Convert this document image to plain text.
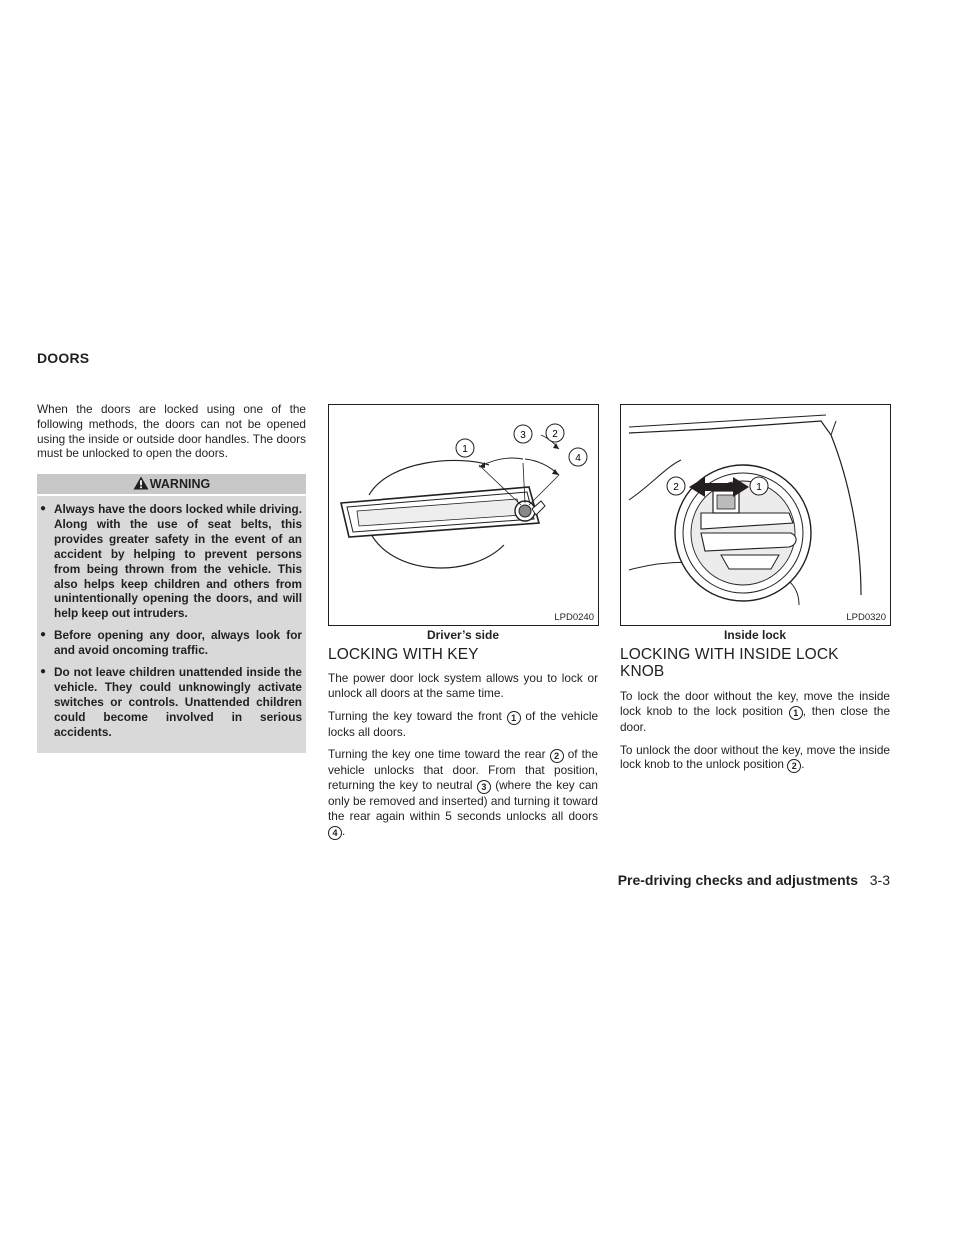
DOORS

When the doors are locked using one of the following methods, the doors can not be opened using the inside or outside door handles. The doors must be unlocked to open the doors.

WARNING
● Always have the doors locked while driving. Along with the use of seat belts, this provides greater safety in the event of an accident by helping to prevent persons from being thrown from the vehicle. This also helps keep children and others from unintentionally opening the doors, and will help keep out intruders.
● Before opening any door, always look for and avoid oncoming traffic.
● Do not leave children unattended inside the vehicle. They could unknowingly activate switches or controls. Unattended children could become involved in serious accidents.
1
3	2
4
LPD0240
Driver’s side
2	1
LPD0320
Inside lock
LOCKING WITH KEY

The power door lock system allows you to lock or unlock all doors at the same time.

Turning the key toward the front 1 of the vehicle locks all doors.

Turning the key one time toward the rear 2 of the vehicle unlocks that door. From that position, returning the key to neutral 3 (where the key can only be removed and inserted) and turning it toward the rear again within 5 seconds unlocks all doors 4 .

LOCKING WITH INSIDE LOCK
KNOB

To lock the door without the key, move the inside lock knob to the lock position 1 , then close the door.

To unlock the door without the key, move the inside lock knob to the unlock position 2 .

Pre-driving checks and adjustments 3-3
